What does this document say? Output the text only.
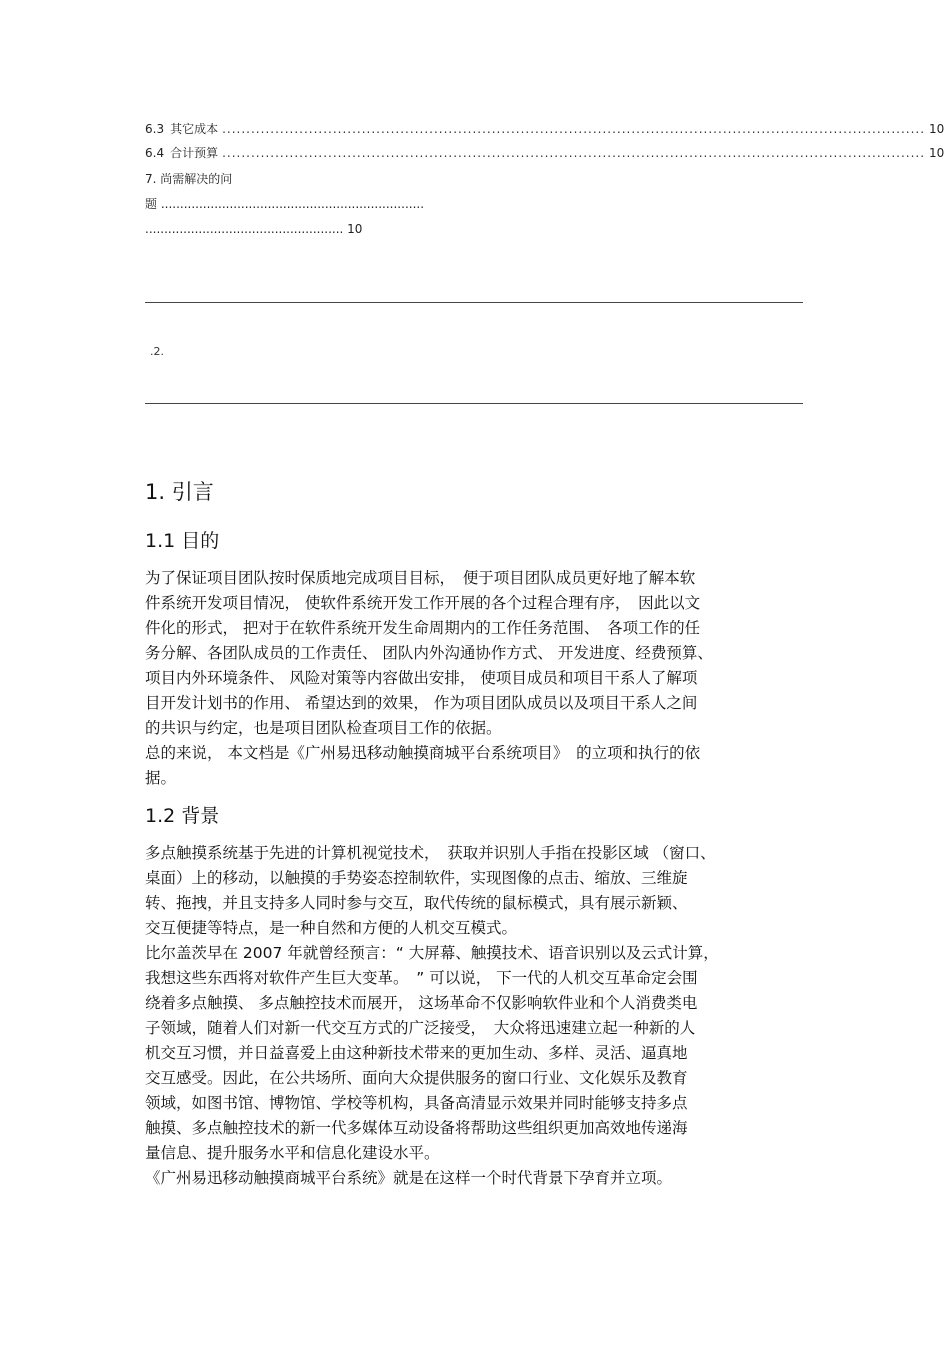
6.3 其它成本 .................................................................................................................................................. 10
6.4 合计预算 .................................................................................................................................................. 10
7. 尚需解决的问
题 .....................................................................
.................................................... 10
.2.
1. 引言
1.1 目的
为了保证项目团队按时保质地完成项目目标，　便于项目团队成员更好地了解本软
件系统开发项目情况， 使软件系统开发工作开展的各个过程合理有序，　因此以文
件化的形式， 把对于在软件系统开发生命周期内的工作任务范围、　各项工作的任
务分解、各团队成员的工作责任、 团队内外沟通协作方式、 开发进度、经费预算、
项目内外环境条件、 风险对策等内容做出安排， 使项目成员和项目干系人了解项
目开发计划书的作用、 希望达到的效果， 作为项目团队成员以及项目干系人之间
的共识与约定，也是项目团队检查项目工作的依据。
总的来说， 本文档是《广州易迅移动触摸商城平台系统项目》　的立项和执行的依
据。
1.2 背景
多点触摸系统基于先进的计算机视觉技术，　获取并识别人手指在投影区域 （窗口、
桌面）上的移动，以触摸的手势姿态控制软件，实现图像的点击、缩放、三维旋
转、拖拽，并且支持多人同时参与交互，取代传统的鼠标模式，具有展示新颖、
交互便捷等特点，是一种自然和方便的人机交互模式。
比尔盖茨早在 2007 年就曾经预言：“ 大屏幕、触摸技术、语音识别以及云式计算，
我想这些东西将对软件产生巨大变革。　” 可以说， 下一代的人机交互革命定会围
绕着多点触摸、 多点触控技术而展开， 这场革命不仅影响软件业和个人消费类电
子领域，随着人们对新一代交互方式的广泛接受，　大众将迅速建立起一种新的人
机交互习惯，并日益喜爱上由这种新技术带来的更加生动、多样、灵活、逼真地
交互感受。因此，在公共场所、面向大众提供服务的窗口行业、文化娱乐及教育
领域，如图书馆、博物馆、学校等机构，具备高清显示效果并同时能够支持多点
触摸、多点触控技术的新一代多媒体互动设备将帮助这些组织更加高效地传递海
量信息、提升服务水平和信息化建设水平。
《广州易迅移动触摸商城平台系统》就是在这样一个时代背景下孕育并立项。
